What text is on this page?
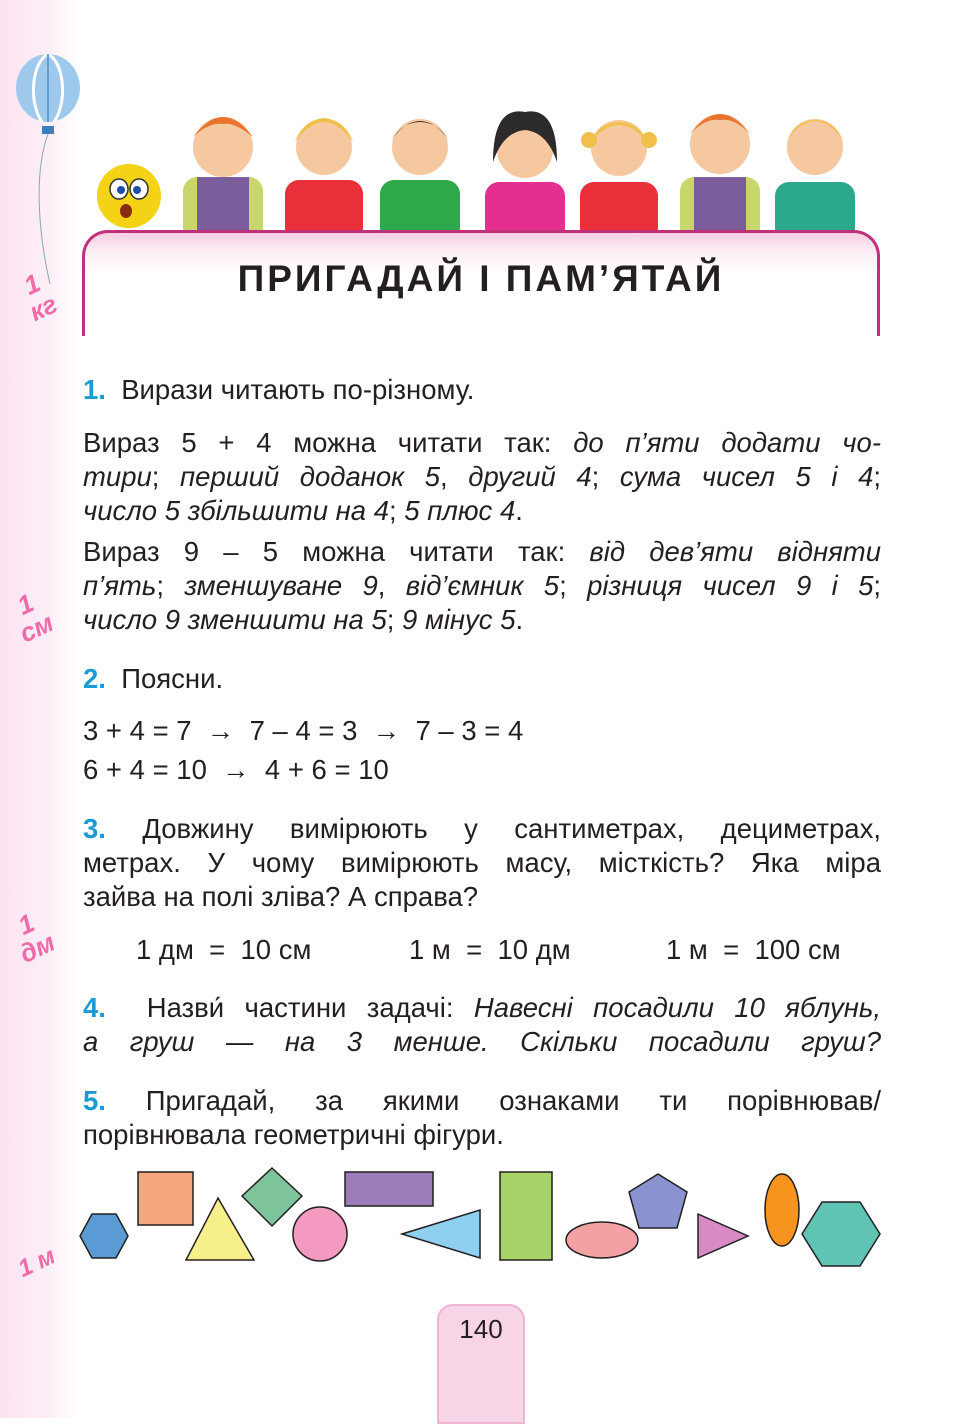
1
кг
1
см
1
дм
1 м
ПРИГАДАЙ І ПАМ’ЯТАЙ
1. Вирази читають по-різному.
Вираз 5 + 4 можна читати так: до п’яти додати чо-
тири; перший доданок 5, другий 4; сума чисел 5 і 4;
число 5 збільшити на 4; 5 плюс 4.
Вираз 9 – 5 можна читати так: від дев’яти відняти
п’ять; зменшуване 9, від’ємник 5; різниця чисел 9 і 5;
число 9 зменшити на 5; 9 мінус 5.
2. Поясни.
3 + 4 = 7  →  7 – 4 = 3  →  7 – 3 = 4
6 + 4 = 10  →  4 + 6 = 10
3. Довжину вимірюють у сантиметрах, дециметрах,
метрах. У чому вимірюють масу, місткість? Яка міра
зайва на полі зліва? А справа?
1 дм  =  10 см	1 м  =  10 дм	1 м  =  100 см
4. Назви́ частини задачі: Навесні посадили 10 яблунь,
а груш — на 3 менше. Скільки посадили груш?
5. Пригадай, за якими ознаками ти порівнював/
порівнювала геометричні фігури.
140
